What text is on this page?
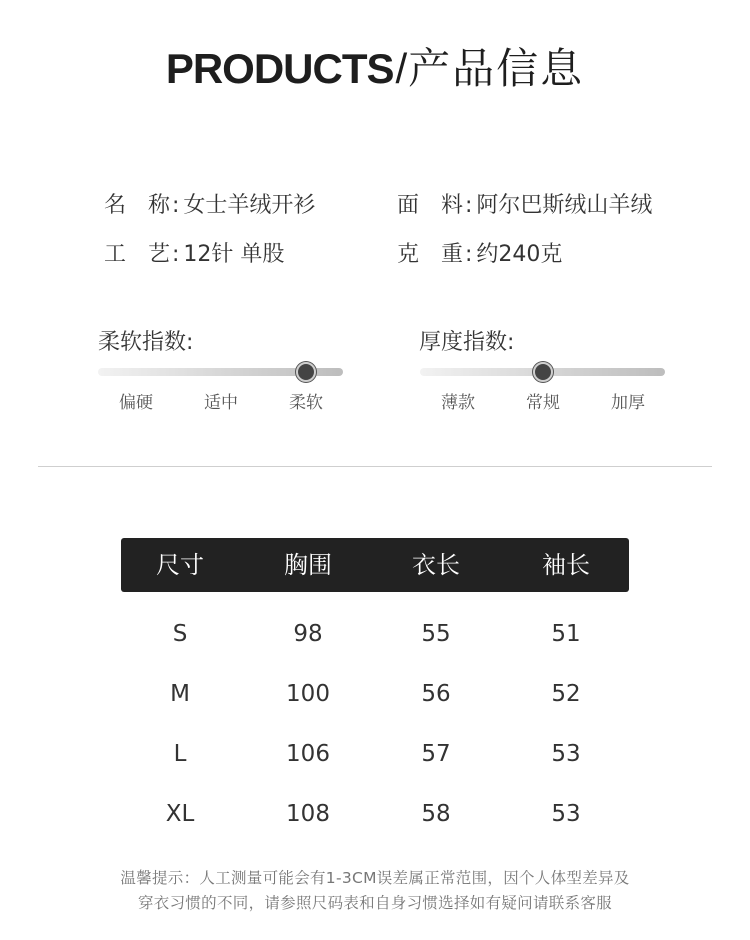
PRODUCTS/产品信息
名称: 女士羊绒开衫	面料: 阿尔巴斯绒山羊绒
工艺: 12针 单股	克重: 约240克
柔软指数:
偏硬	适中	柔软
厚度指数:
薄款	常规	加厚
尺寸	胸围	衣长	袖长
S	98	55	51
M	100	56	52
L	106	57	53
XL	108	58	53
温馨提示：人工测量可能会有1-3CM误差属正常范围，因个人体型差异及
穿衣习惯的不同，请参照尺码表和自身习惯选择如有疑问请联系客服
